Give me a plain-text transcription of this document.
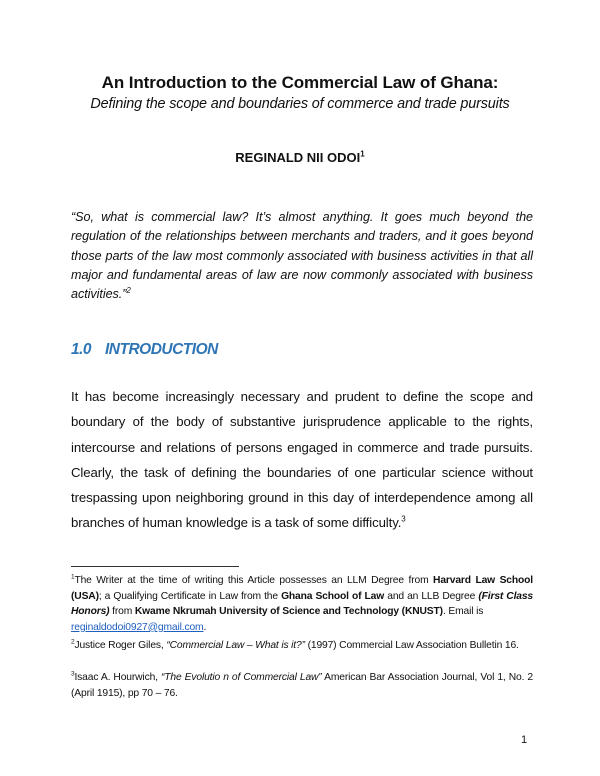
An Introduction to the Commercial Law of Ghana:
Defining the scope and boundaries of commerce and trade pursuits
REGINALD NII ODOI$^1$
“So, what is commercial law? It’s almost anything. It goes much beyond the regulation of the relationships between merchants and traders, and it goes beyond those parts of the law most commonly associated with business activities in that all major and fundamental areas of law are now commonly associated with business activities.”$^2$
1.0 INTRODUCTION
It has become increasingly necessary and prudent to define the scope and boundary of the body of substantive jurisprudence applicable to the rights, intercourse and relations of persons engaged in commerce and trade pursuits. Clearly, the task of defining the boundaries of one particular science without trespassing upon neighboring ground in this day of interdependence among all branches of human knowledge is a task of some difficulty.$^3$
$^1$The Writer at the time of writing this Article possesses an LLM Degree from Harvard Law School (USA); a Qualifying Certificate in Law from the Ghana School of Law and an LLB Degree (First Class Honors) from Kwame Nkrumah University of Science and Technology (KNUST). Email is
reginaldodoi0927@gmail.com.
$^2$Justice Roger Giles, “Commercial Law – What is it?” (1997) Commercial Law Association Bulletin 16.
$^3$Isaac A. Hourwich, “The Evolutio n of Commercial Law” American Bar Association Journal, Vol 1, No. 2 (April 1915), pp 70 – 76.
1
